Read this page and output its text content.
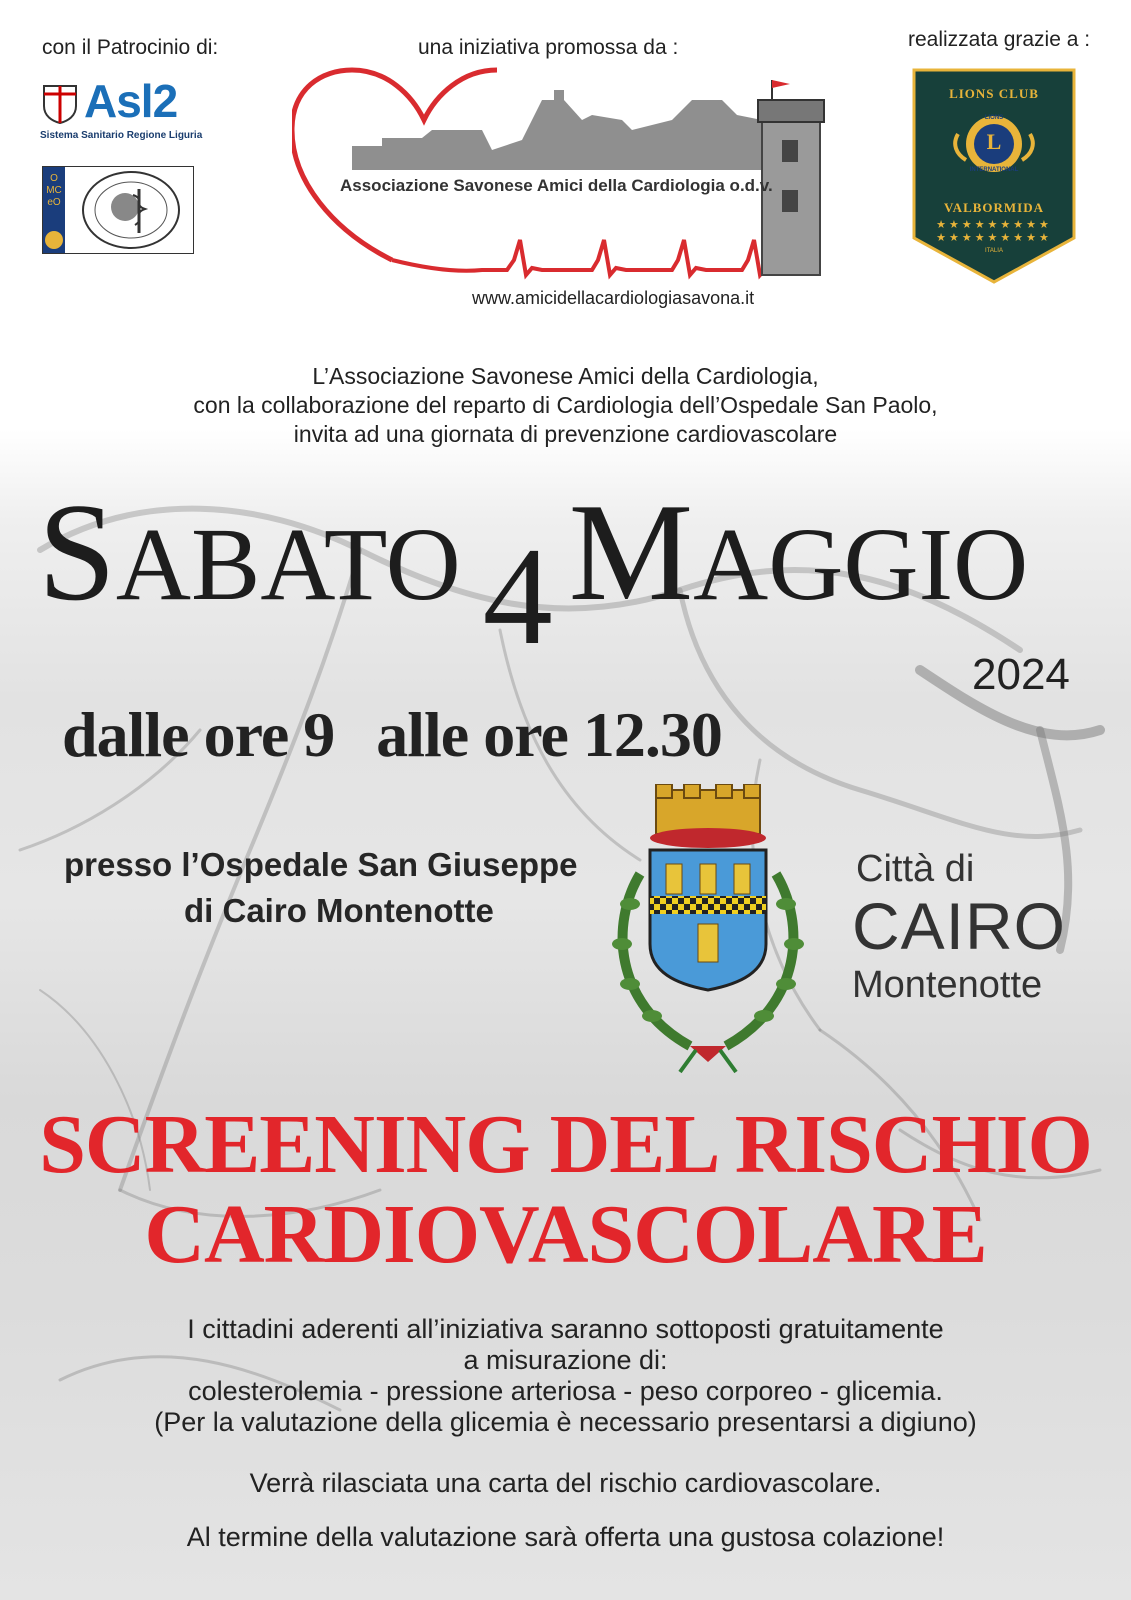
con il Patrocinio di:	una iniziativa promossa da :	realizzata grazie a :
Asl2
Sistema Sanitario Regione Liguria
OMCeO
Associazione Savonese Amici della Cardiologia o.d.v.
www.amicidellacardiologiasavona.it
LIONS CLUB
L
LIONS
INTERNATIONAL
VALBORMIDA
★★★★★★★★★
★★★★★★★★★
ITALIA
L’Associazione Savonese Amici della Cardiologia,
con la collaborazione del reparto di Cardiologia dell’Ospedale San Paolo,
invita ad una giornata di prevenzione cardiovascolare
SABATO 4 MAGGIO
2024
dalle ore 9 alle ore 12.30
presso l’Ospedale San Giuseppe
di Cairo Montenotte
Città di
CAIRO
Montenotte
SCREENING DEL RISCHIO
CARDIOVASCOLARE
I cittadini aderenti all’iniziativa saranno sottoposti gratuitamente
a misurazione di:
colesterolemia - pressione arteriosa - peso corporeo - glicemia.
(Per la valutazione della glicemia è necessario presentarsi a digiuno)
Verrà rilasciata una carta del rischio cardiovascolare.
Al termine della valutazione sarà offerta una gustosa colazione!
